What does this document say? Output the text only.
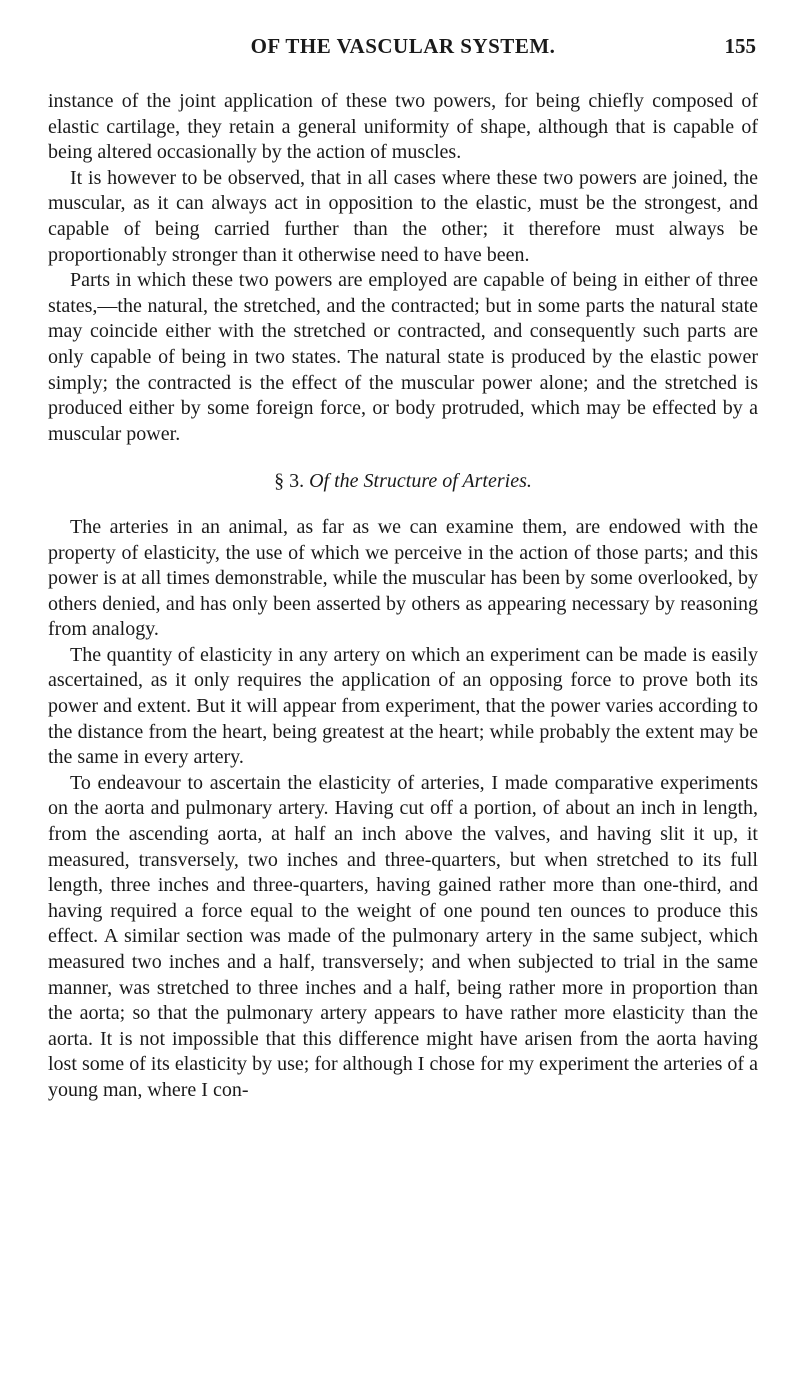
OF THE VASCULAR SYSTEM.	155

instance of the joint application of these two powers, for being chiefly composed of elastic cartilage, they retain a general uniformity of shape, although that is capable of being altered occasionally by the action of muscles.

It is however to be observed, that in all cases where these two powers are joined, the muscular, as it can always act in opposition to the elastic, must be the strongest, and capable of being carried further than the other; it therefore must always be proportionably stronger than it otherwise need to have been.

Parts in which these two powers are employed are capable of being in either of three states,—the natural, the stretched, and the contracted; but in some parts the natural state may coincide either with the stretched or contracted, and consequently such parts are only capable of being in two states. The natural state is produced by the elastic power simply; the contracted is the effect of the muscular power alone; and the stretched is produced either by some foreign force, or body protruded, which may be effected by a muscular power.

§ 3. Of the Structure of Arteries.

The arteries in an animal, as far as we can examine them, are endowed with the property of elasticity, the use of which we perceive in the action of those parts; and this power is at all times demonstrable, while the muscular has been by some overlooked, by others denied, and has only been asserted by others as appearing necessary by reasoning from analogy.

The quantity of elasticity in any artery on which an experiment can be made is easily ascertained, as it only requires the application of an opposing force to prove both its power and extent. But it will appear from experiment, that the power varies according to the distance from the heart, being greatest at the heart; while probably the extent may be the same in every artery.

To endeavour to ascertain the elasticity of arteries, I made comparative experiments on the aorta and pulmonary artery. Having cut off a portion, of about an inch in length, from the ascending aorta, at half an inch above the valves, and having slit it up, it measured, transversely, two inches and three-quarters, but when stretched to its full length, three inches and three-quarters, having gained rather more than one-third, and having required a force equal to the weight of one pound ten ounces to produce this effect. A similar section was made of the pulmonary artery in the same subject, which measured two inches and a half, transversely; and when subjected to trial in the same manner, was stretched to three inches and a half, being rather more in proportion than the aorta; so that the pulmonary artery appears to have rather more elasticity than the aorta. It is not impossible that this difference might have arisen from the aorta having lost some of its elasticity by use; for although I chose for my experiment the arteries of a young man, where I con-
